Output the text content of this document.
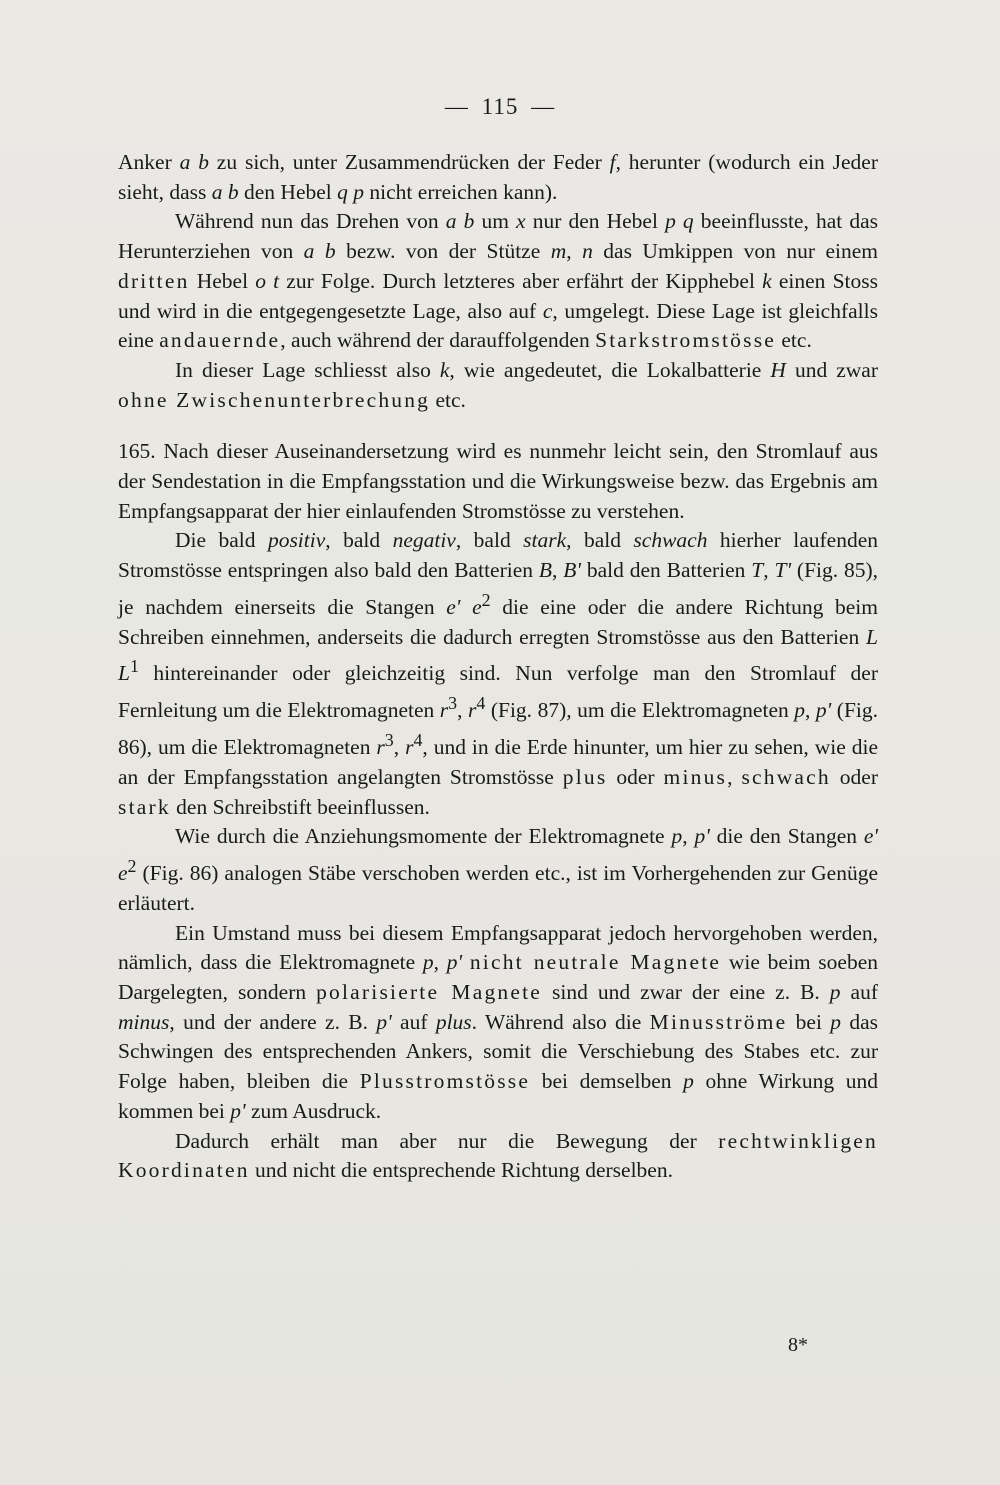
— 115 —

Anker a b zu sich, unter Zusammendrücken der Feder f, herunter (wodurch ein Jeder sieht, dass a b den Hebel q p nicht erreichen kann).

Während nun das Drehen von a b um x nur den Hebel p q beeinflusste, hat das Herunterziehen von a b bezw. von der Stütze m, n das Umkippen von nur einem dritten Hebel o t zur Folge. Durch letzteres aber erfährt der Kipphebel k einen Stoss und wird in die entgegengesetzte Lage, also auf c, umgelegt. Diese Lage ist gleichfalls eine andauernde, auch während der darauffolgenden Starkstromstösse etc.

In dieser Lage schliesst also k, wie angedeutet, die Lokalbatterie H und zwar ohne Zwischenunterbrechung etc.

165. Nach dieser Auseinandersetzung wird es nunmehr leicht sein, den Stromlauf aus der Sendestation in die Empfangsstation und die Wirkungsweise bezw. das Ergebnis am Empfangsapparat der hier einlaufenden Stromstösse zu verstehen.

Die bald positiv, bald negativ, bald stark, bald schwach hierher laufenden Stromstösse entspringen also bald den Batterien B, B' bald den Batterien T, T' (Fig. 85), je nachdem einerseits die Stangen e' $e^2$ die eine oder die andere Richtung beim Schreiben einnehmen, anderseits die dadurch erregten Stromstösse aus den Batterien L $L^1$ hintereinander oder gleichzeitig sind. Nun verfolge man den Stromlauf der Fernleitung um die Elektromagneten $r^3$, $r^4$ (Fig. 87), um die Elektromagneten p, p' (Fig. 86), um die Elektromagneten $r^3$, $r^4$, und in die Erde hinunter, um hier zu sehen, wie die an der Empfangsstation angelangten Stromstösse plus oder minus, schwach oder stark den Schreibstift beeinflussen.

Wie durch die Anziehungsmomente der Elektromagnete p, p' die den Stangen e' $e^2$ (Fig. 86) analogen Stäbe verschoben werden etc., ist im Vorhergehenden zur Genüge erläutert.

Ein Umstand muss bei diesem Empfangsapparat jedoch hervorgehoben werden, nämlich, dass die Elektromagnete p, p' nicht neutrale Magnete wie beim soeben Dargelegten, sondern polarisierte Magnete sind und zwar der eine z. B. p auf minus, und der andere z. B. p' auf plus. Während also die Minusströme bei p das Schwingen des entsprechenden Ankers, somit die Verschiebung des Stabes etc. zur Folge haben, bleiben die Plusstromstösse bei demselben p ohne Wirkung und kommen bei p' zum Ausdruck.

Dadurch erhält man aber nur die Bewegung der rechtwinkligen Koordinaten und nicht die entsprechende Richtung derselben.

8*
